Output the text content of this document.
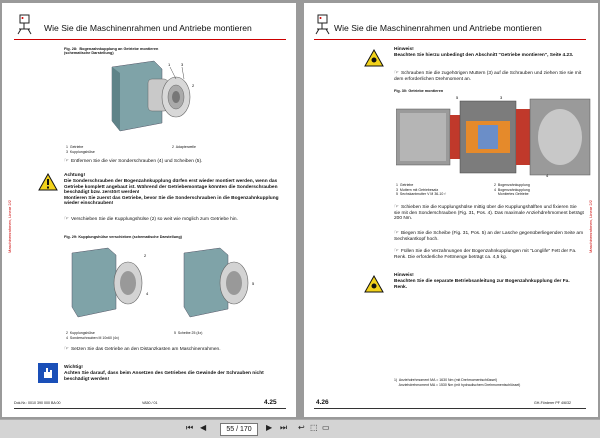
Wie Sie die Maschinenrahmen und Antriebe montieren
Maschinenrahmen, Linear 2/2
Fig. 28:  Bogenzahnkupplung an Getriebe montieren
(schematische Darstellung)
1	3
2
1  Getriebe
3  Kupplungshülse
2  Adapterwelle
☞ Entfernen Sie die vier Sonderschrauben (4) und Scheiben (5).
Achtung!
Die Sonderschrauben der Bogenzahnkupplung dürfen erst wieder montiert werden, wenn das Getriebe komplett angebaut ist. Während der Getriebemontage könnten die Sonderschrauben beschädigt bzw. zerstört werden!
Montieren Sie zuerst das Getriebe, bevor Sie die Sonderschrauben in die Bogenzahnkupplung wieder einschrauben!
☞ Verschieben Sie die Kupplungshülse (2) so weit wie möglich zum Getriebe hin.
Fig. 29: Kupplungshülse verschieben (schematische Darstellung)
2
4
5
2  Kupplungshülse
4  Sonderschrauben M 10x60 (4x)
5  Scheibe 25 (4x)
☞ Setzen Sie das Getriebe an den Distanzkasten am Maschinenrahmen.
Wichtig!
Achten Sie darauf, dass beim Ansetzen des Getriebes die Gewinde der Schrauben nicht beschädigt werden!
Dok.Nr.: 0010 390 000 BA 00	VA50 / 01	4.25
Wie Sie die Maschinenrahmen und Antriebe montieren
Maschinenrahmen, Linear 2/2
Hinweis!
Beachten Sie hierzu unbedingt den Abschnitt "Getriebe montieren", Seite 4.23.
☞ Schrauben Sie die zugehörigen Muttern (3) auf die Schrauben und ziehen Sie sie mit dem erforderlichen Drehmoment an.
Fig. 30: Getriebe montieren
5	3
4
1  Getriebe
3  Muttern mit Getriebesatz
5  Sechskantmutter V M 36-10 ¹⁾
2  Bogenzahnkupplung
4  Bogenzahnkupplung
Montiertes Getriebe
☞ Schieben Sie die Kupplungshülse mittig über die Kupplungshälften und fixieren Sie sie mit den Sonderschrauben (Fig. 31, Pos. 4). Das maximale Anziehdrehmoment beträgt 200 Nm.
☞ Biegen Sie die Scheibe (Fig. 31, Pos. 5) an der Lasche gegenüberliegenden Seite am Sechskantkopf hoch.
☞ Füllen Sie die Verzahnungen der Bogenzahnkupplungen mit "Longlife" Fett der Fa. Renk. Die erforderliche Fettmenge beträgt ca. 4,5 kg.
Hinweis!
Beachten Sie die separate Betriebsanleitung zur Bogenzahnkupplung der Fa. Renk.
1)  Anziehdrehmoment MA = 1630 Nm (mit Drehmomentschlüssel)
Anziehdrehmoment MA = 1530 Nm (mit hydraulischem Drehmomentschlüssel)
4.26	GH-Förderer PF 4/6/32
⏮ ◀	55 / 170	▶ ⏭ ↩ ⬚ ▭
